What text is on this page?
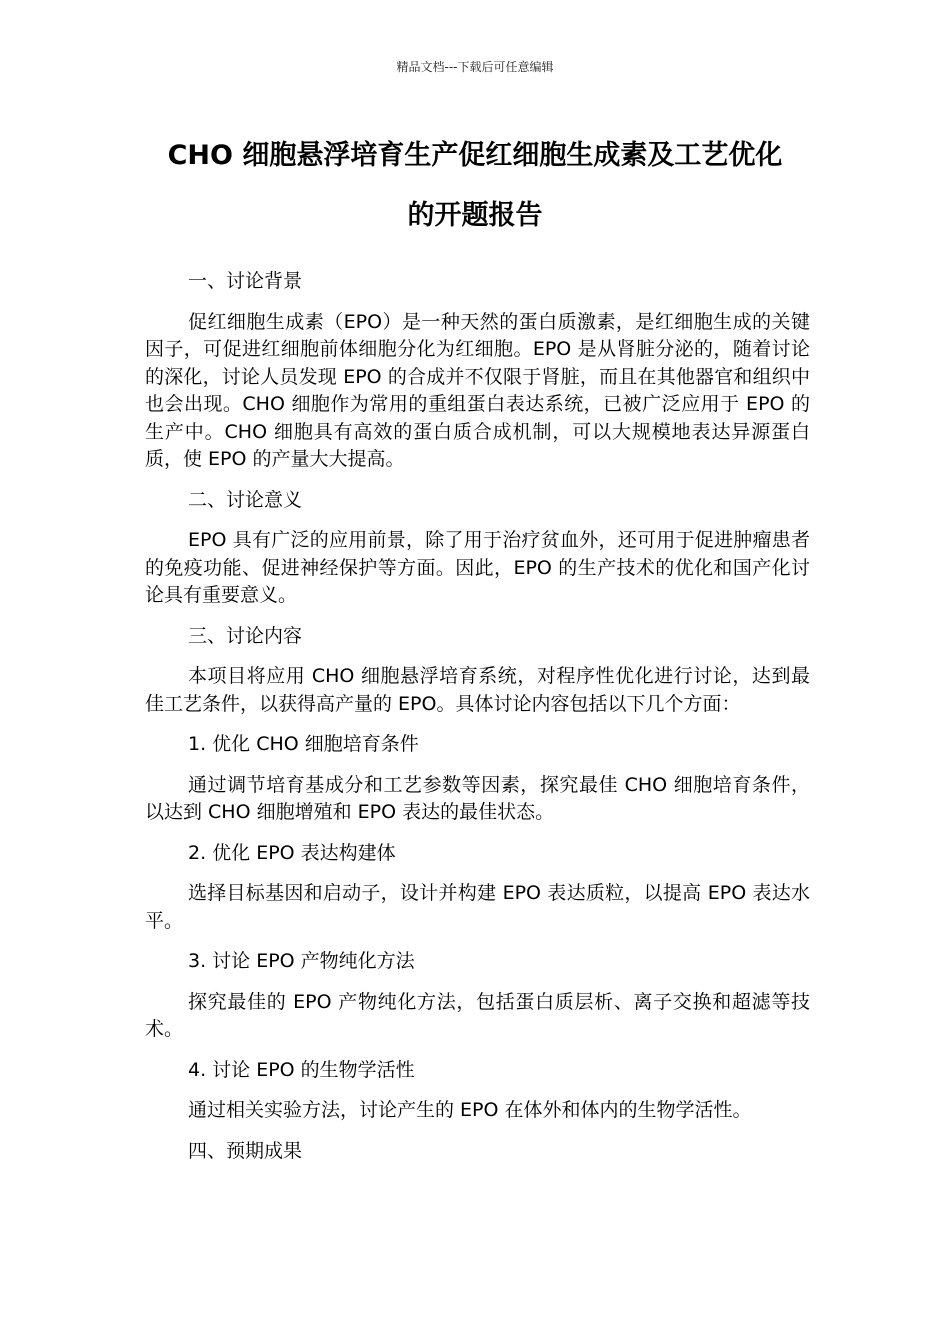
精品文档---下载后可任意编辑
CHO 细胞悬浮培育生产促红细胞生成素及工艺优化
的开题报告

一、讨论背景

促红细胞生成素（EPO）是一种天然的蛋白质激素，是红细胞生成的关键因子，可促进红细胞前体细胞分化为红细胞。EPO 是从肾脏分泌的，随着讨论的深化，讨论人员发现 EPO 的合成并不仅限于肾脏，而且在其他器官和组织中也会出现。CHO 细胞作为常用的重组蛋白表达系统，已被广泛应用于 EPO 的生产中。CHO 细胞具有高效的蛋白质合成机制，可以大规模地表达异源蛋白质，使 EPO 的产量大大提高。

二、讨论意义

EPO 具有广泛的应用前景，除了用于治疗贫血外，还可用于促进肿瘤患者的免疫功能、促进神经保护等方面。因此，EPO 的生产技术的优化和国产化讨论具有重要意义。

三、讨论内容

本项目将应用 CHO 细胞悬浮培育系统，对程序性优化进行讨论，达到最佳工艺条件，以获得高产量的 EPO。具体讨论内容包括以下几个方面：

1. 优化 CHO 细胞培育条件

通过调节培育基成分和工艺参数等因素，探究最佳 CHO 细胞培育条件，以达到 CHO 细胞增殖和 EPO 表达的最佳状态。

2. 优化 EPO 表达构建体

选择目标基因和启动子，设计并构建 EPO 表达质粒，以提高 EPO 表达水平。

3. 讨论 EPO 产物纯化方法

探究最佳的 EPO 产物纯化方法，包括蛋白质层析、离子交换和超滤等技术。

4. 讨论 EPO 的生物学活性

通过相关实验方法，讨论产生的 EPO 在体外和体内的生物学活性。

四、预期成果
